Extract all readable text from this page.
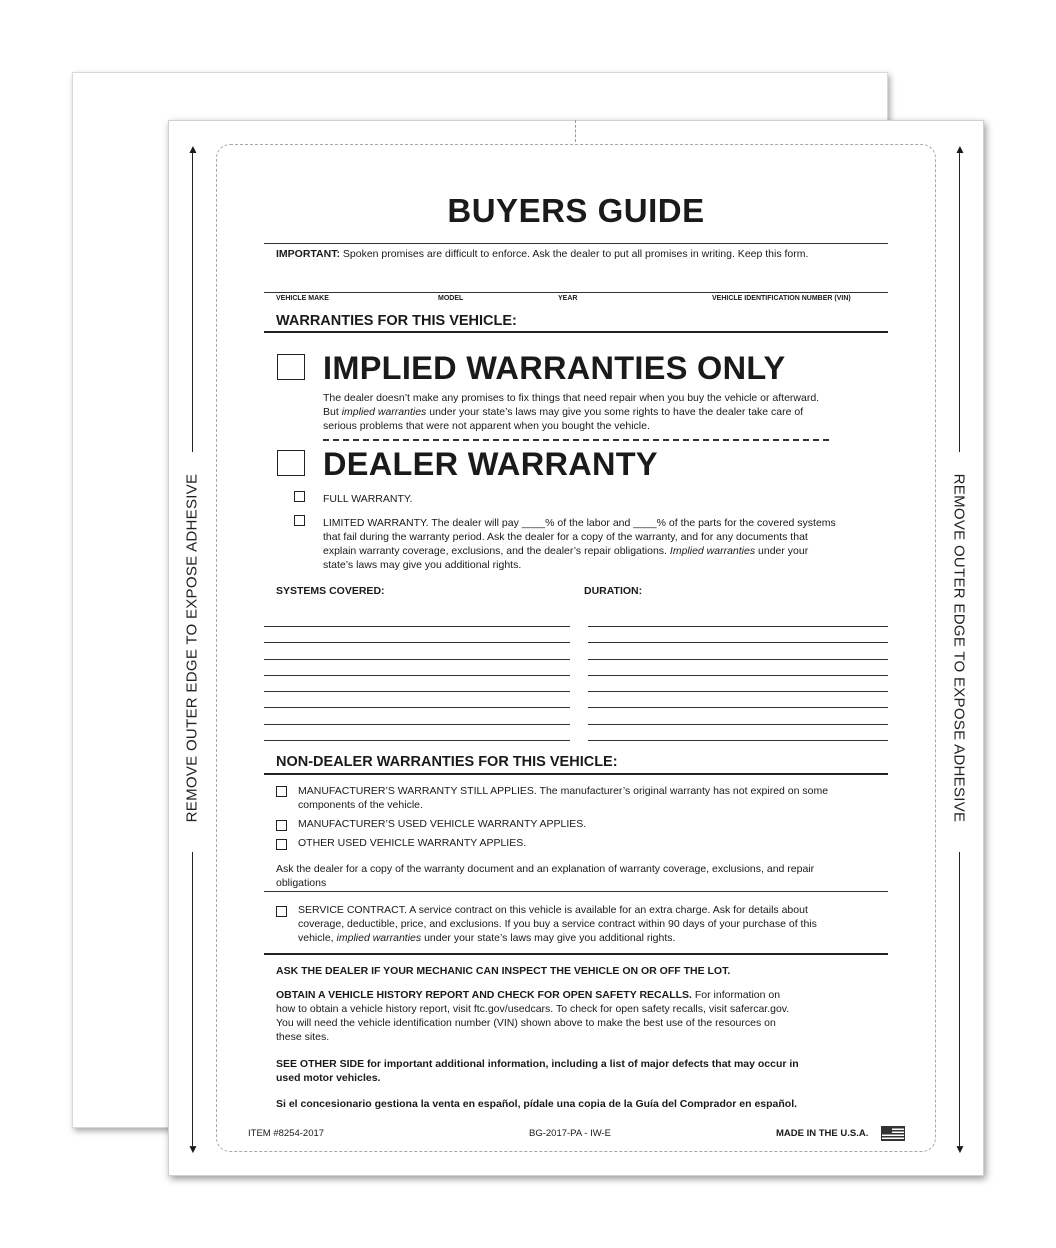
▲
▼
REMOVE OUTER EDGE TO EXPOSE ADHESIVE
▲
▼
REMOVE OUTER EDGE TO EXPOSE ADHESIVE
BUYERS GUIDE
IMPORTANT: Spoken promises are difficult to enforce. Ask the dealer to put all promises in writing. Keep this form.
VEHICLE MAKE	MODEL	YEAR	VEHICLE IDENTIFICATION NUMBER (VIN)
WARRANTIES FOR THIS VEHICLE:
IMPLIED WARRANTIES ONLY
The dealer doesn’t make any promises to fix things that need repair when you buy the vehicle or afterward.
But implied warranties under your state’s laws may give you some rights to have the dealer take care of
serious problems that were not apparent when you bought the vehicle.
DEALER WARRANTY
FULL WARRANTY.
LIMITED WARRANTY. The dealer will pay ____% of the labor and ____% of the parts for the covered systems
that fail during the warranty period. Ask the dealer for a copy of the warranty, and for any documents that
explain warranty coverage, exclusions, and the dealer’s repair obligations. Implied warranties under your
state’s laws may give you additional rights.
SYSTEMS COVERED:	DURATION:
NON-DEALER WARRANTIES FOR THIS VEHICLE:
MANUFACTURER’S WARRANTY STILL APPLIES. The manufacturer’s original warranty has not expired on some
components of the vehicle.
MANUFACTURER’S USED VEHICLE WARRANTY APPLIES.
OTHER USED VEHICLE WARRANTY APPLIES.
Ask the dealer for a copy of the warranty document and an explanation of warranty coverage, exclusions, and repair
obligations
SERVICE CONTRACT. A service contract on this vehicle is available for an extra charge. Ask for details about
coverage, deductible, price, and exclusions. If you buy a service contract within 90 days of your purchase of this
vehicle, implied warranties under your state’s laws may give you additional rights.
ASK THE DEALER IF YOUR MECHANIC CAN INSPECT THE VEHICLE ON OR OFF THE LOT.
OBTAIN A VEHICLE HISTORY REPORT AND CHECK FOR OPEN SAFETY RECALLS. For information on
how to obtain a vehicle history report, visit ftc.gov/usedcars. To check for open safety recalls, visit safercar.gov.
You will need the vehicle identification number (VIN) shown above to make the best use of the resources on
these sites.
SEE OTHER SIDE for important additional information, including a list of major defects that may occur in
used motor vehicles.
Si el concesionario gestiona la venta en español, pídale una copia de la Guía del Comprador en español.
ITEM #8254-2017	BG-2017-PA - IW-E	MADE IN THE U.S.A.
